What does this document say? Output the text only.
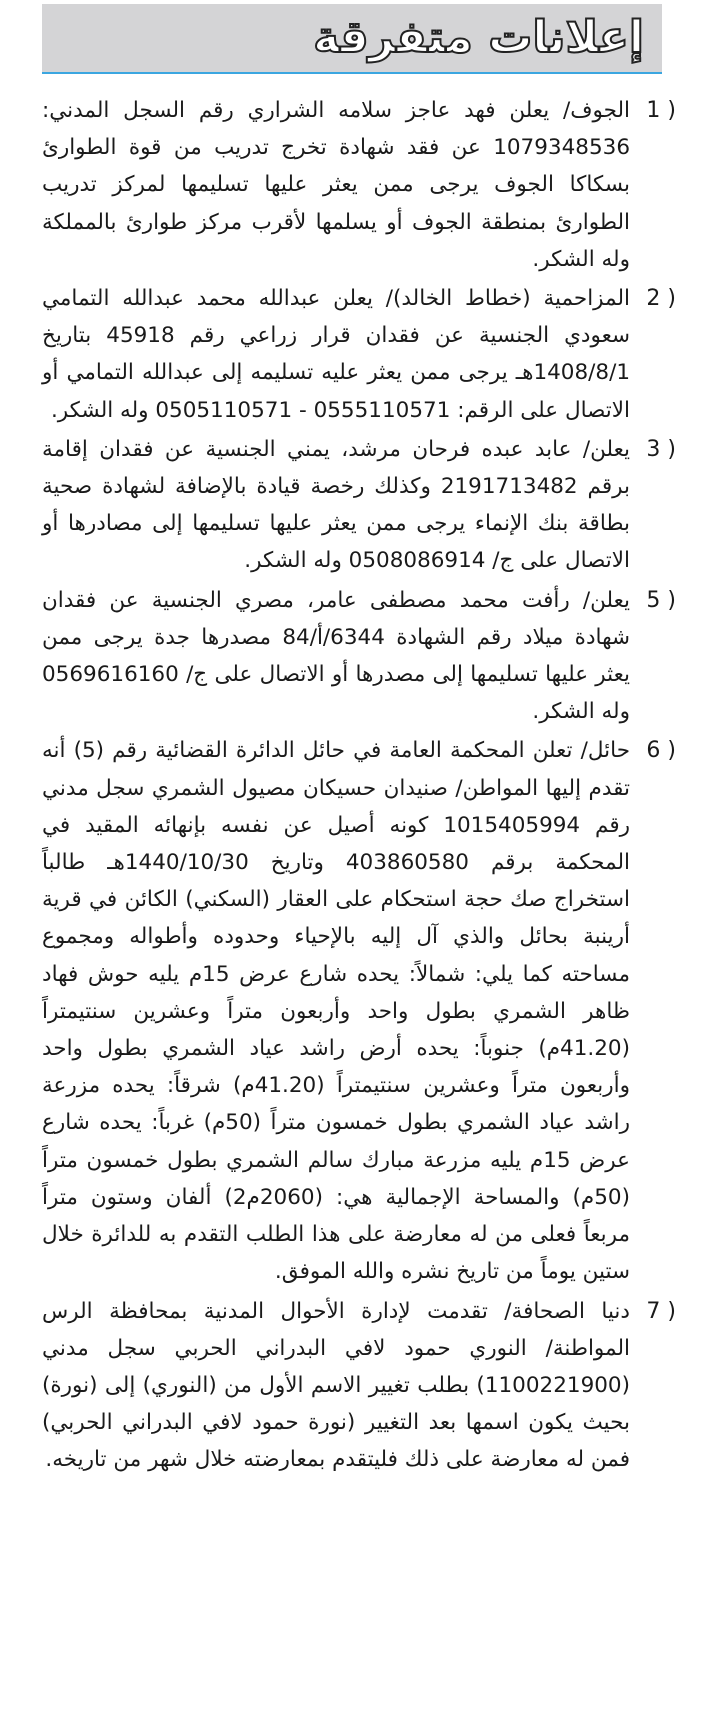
إعلانات متفرقة
1 )
الجوف/ يعلن فهد عاجز سلامه الشراري رقم السجل المدني: 1079348536 عن فقد شهادة تخرج تدريب من قوة الطوارئ بسكاكا الجوف يرجى ممن يعثر عليها تسليمها لمركز تدريب الطوارئ بمنطقة الجوف أو يسلمها لأقرب مركز طوارئ بالمملكة وله الشكر.
2 )
المزاحمية (خطاط الخالد)/ يعلن عبدالله محمد عبدالله التمامي سعودي الجنسية عن فقدان قرار زراعي رقم 45918 بتاريخ 1408/8/1هـ يرجى ممن يعثر عليه تسليمه إلى عبدالله التمامي أو الاتصال على الرقم: 0555110571 - 0505110571 وله الشكر.
3 )
يعلن/ عابد عبده فرحان مرشد، يمني الجنسية عن فقدان إقامة برقم 2191713482 وكذلك رخصة قيادة بالإضافة لشهادة صحية بطاقة بنك الإنماء يرجى ممن يعثر عليها تسليمها إلى مصادرها أو الاتصال على ج/ 0508086914 وله الشكر.
5 )
يعلن/ رأفت محمد مصطفى عامر، مصري الجنسية عن فقدان شهادة ميلاد رقم الشهادة 6344/أ/84 مصدرها جدة يرجى ممن يعثر عليها تسليمها إلى مصدرها أو الاتصال على ج/ 0569616160 وله الشكر.
6 )
حائل/ تعلن المحكمة العامة في حائل الدائرة القضائية رقم (5) أنه تقدم إليها المواطن/ صنيدان حسيكان مصيول الشمري سجل مدني رقم 1015405994 كونه أصيل عن نفسه بإنهائه المقيد في المحكمة برقم 403860580 وتاريخ 1440/10/30هـ طالباً استخراج صك حجة استحكام على العقار (السكني) الكائن في قرية أرينبة بحائل والذي آل إليه بالإحياء وحدوده وأطواله ومجموع مساحته كما يلي: شمالاً: يحده شارع عرض 15م يليه حوش فهاد ظاهر الشمري بطول واحد وأربعون متراً وعشرين سنتيمتراً (41.20م) جنوباً: يحده أرض راشد عياد الشمري بطول واحد وأربعون متراً وعشرين سنتيمتراً (41.20م) شرقاً: يحده مزرعة راشد عياد الشمري بطول خمسون متراً (50م) غرباً: يحده شارع عرض 15م يليه مزرعة مبارك سالم الشمري بطول خمسون متراً (50م) والمساحة الإجمالية هي: (2060م2) ألفان وستون متراً مربعاً فعلى من له معارضة على هذا الطلب التقدم به للدائرة خلال ستين يوماً من تاريخ نشره والله الموفق.
7 )
دنيا الصحافة/ تقدمت لإدارة الأحوال المدنية بمحافظة الرس المواطنة/ النوري حمود لافي البدراني الحربي سجل مدني (1100221900) بطلب تغيير الاسم الأول من (النوري) إلى (نورة) بحيث يكون اسمها بعد التغيير (نورة حمود لافي البدراني الحربي) فمن له معارضة على ذلك فليتقدم بمعارضته خلال شهر من تاريخه.
